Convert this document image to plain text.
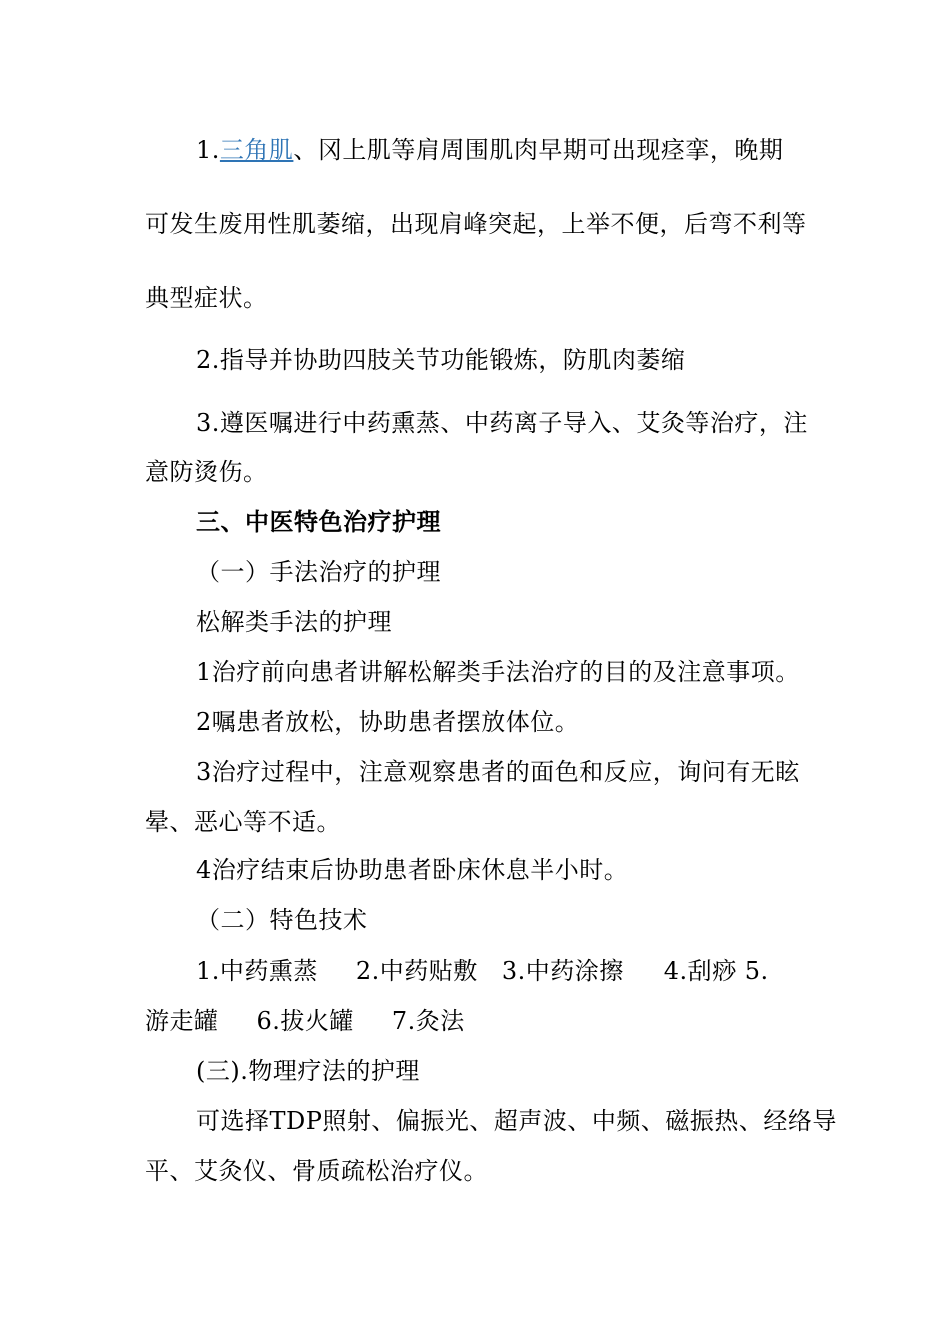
1.三角肌、冈上肌等肩周围肌肉早期可出现痉挛，晚期
可发生废用性肌萎缩，出现肩峰突起，上举不便，后弯不利等
典型症状。
2.指导并协助四肢关节功能锻炼，防肌肉萎缩
3.遵医嘱进行中药熏蒸、中药离子导入、艾灸等治疗，注
意防烫伤。
三、中医特色治疗护理
（一）手法治疗的护理
松解类手法的护理
1治疗前向患者讲解松解类手法治疗的目的及注意事项。
2嘱患者放松，协助患者摆放体位。
3治疗过程中，注意观察患者的面色和反应，询问有无眩
晕、恶心等不适。
4治疗结束后协助患者卧床休息半小时。
（二）特色技术
1.中药熏蒸 2.中药贴敷 3.中药涂擦 4.刮痧 5.
游走罐 6.拔火罐 7.灸法
(三).物理疗法的护理
可选择TDP照射、偏振光、超声波、中频、磁振热、经络导
平、艾灸仪、骨质疏松治疗仪。
